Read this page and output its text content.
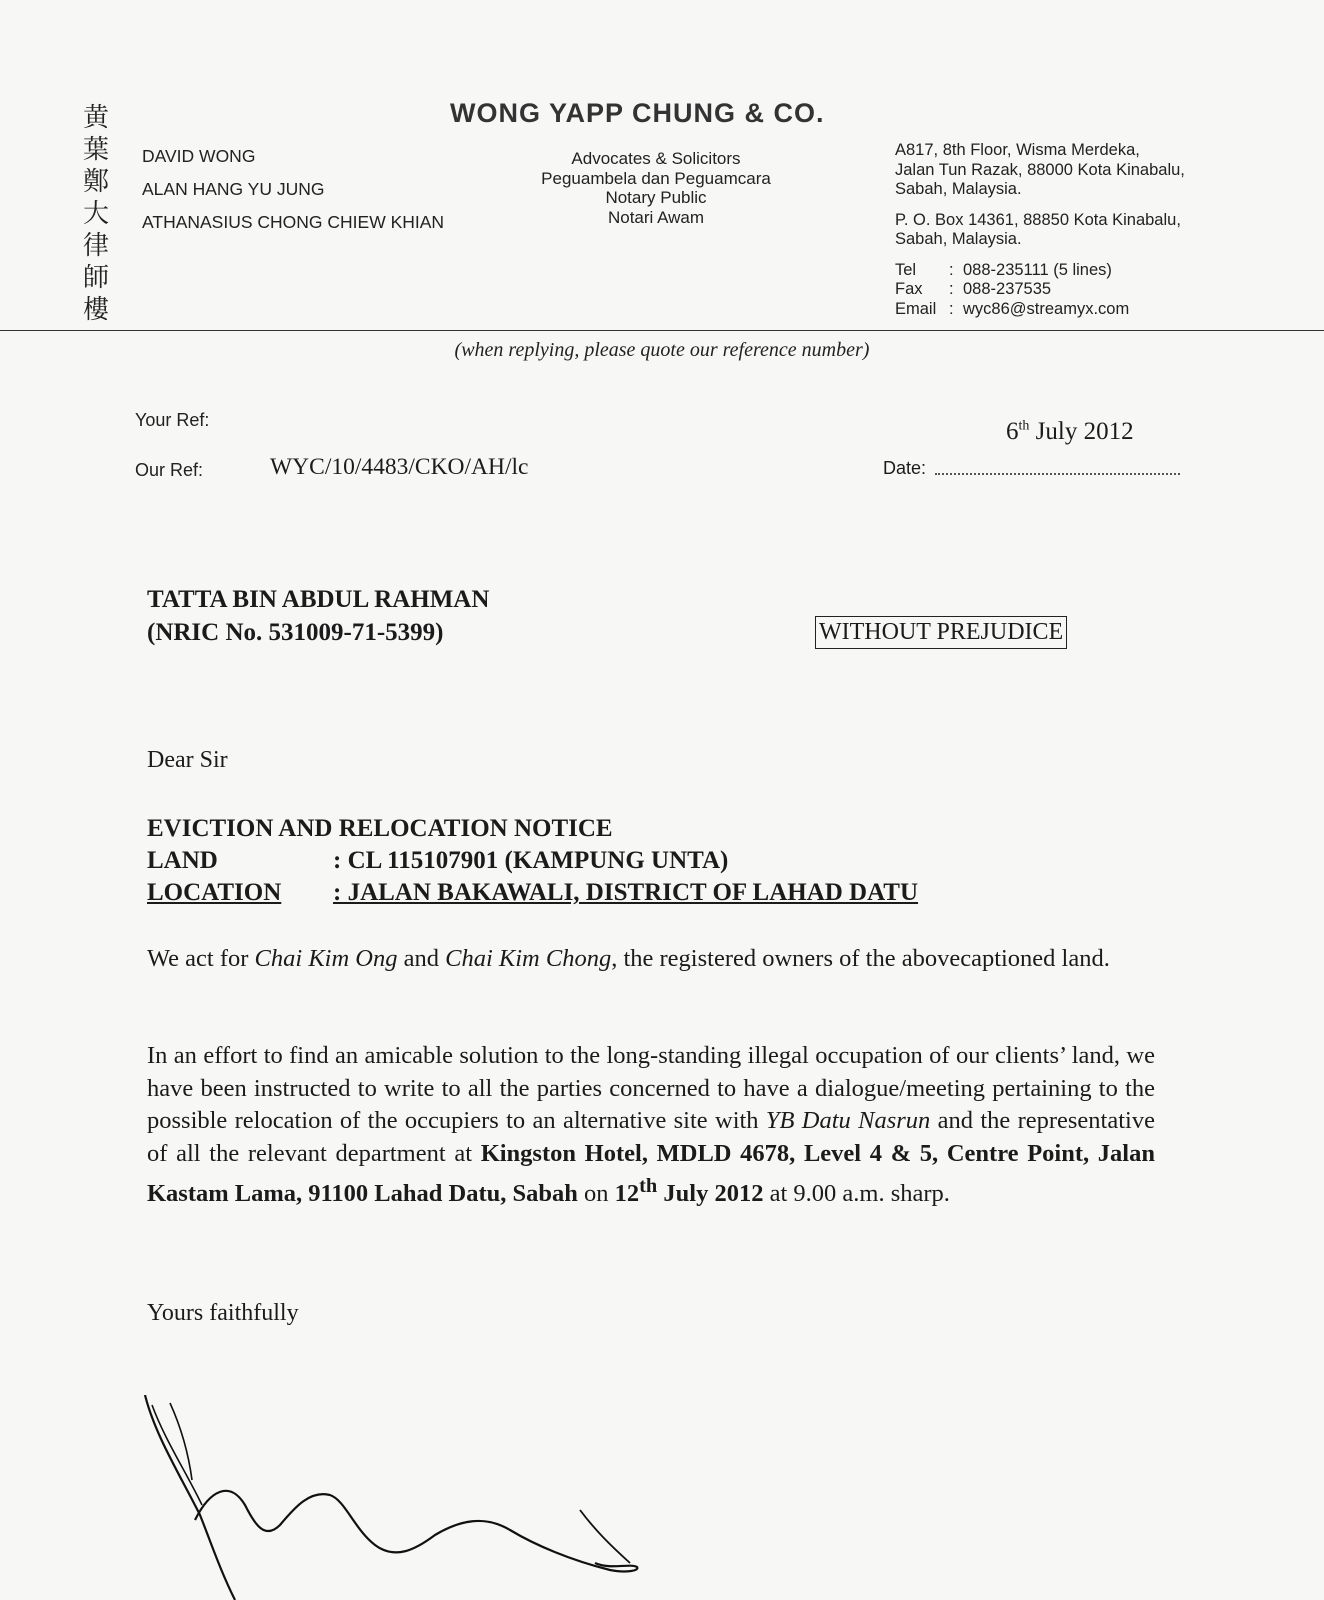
黄
葉
鄭
大
律
師
樓
DAVID WONG
ALAN HANG YU JUNG
ATHANASIUS CHONG CHIEW KHIAN
WONG YAPP CHUNG & CO.
Advocates & Solicitors
Peguambela dan Peguamcara
Notary Public
Notari Awam
A817, 8th Floor, Wisma Merdeka,
Jalan Tun Razak, 88000 Kota Kinabalu,
Sabah, Malaysia.
P. O. Box 14361, 88850 Kota Kinabalu,
Sabah, Malaysia.
Tel	: 088-235111 (5 lines)
Fax	: 088-237535
Email : wyc86@streamyx.com
(when replying, please quote our reference number)
Your Ref:
Our Ref:	WYC/10/4483/CKO/AH/lc	Date:
6th July 2012
TATTA BIN ABDUL RAHMAN
(NRIC No. 531009-71-5399)	WITHOUT PREJUDICE
Dear Sir
EVICTION AND RELOCATION NOTICE
LAND	: CL 115107901 (KAMPUNG UNTA)
LOCATION	: JALAN BAKAWALI, DISTRICT OF LAHAD DATU
We act for Chai Kim Ong and Chai Kim Chong, the registered owners of the abovecaptioned land.
In an effort to find an amicable solution to the long-standing illegal occupation of our clients’ land, we have been instructed to write to all the parties concerned to have a dialogue/meeting pertaining to the possible relocation of the occupiers to an alternative site with YB Datu Nasrun and the representative of all the relevant department at Kingston Hotel, MDLD 4678, Level 4 & 5, Centre Point, Jalan Kastam Lama, 91100 Lahad Datu, Sabah on 12th July 2012 at 9.00 a.m. sharp.
Yours faithfully
